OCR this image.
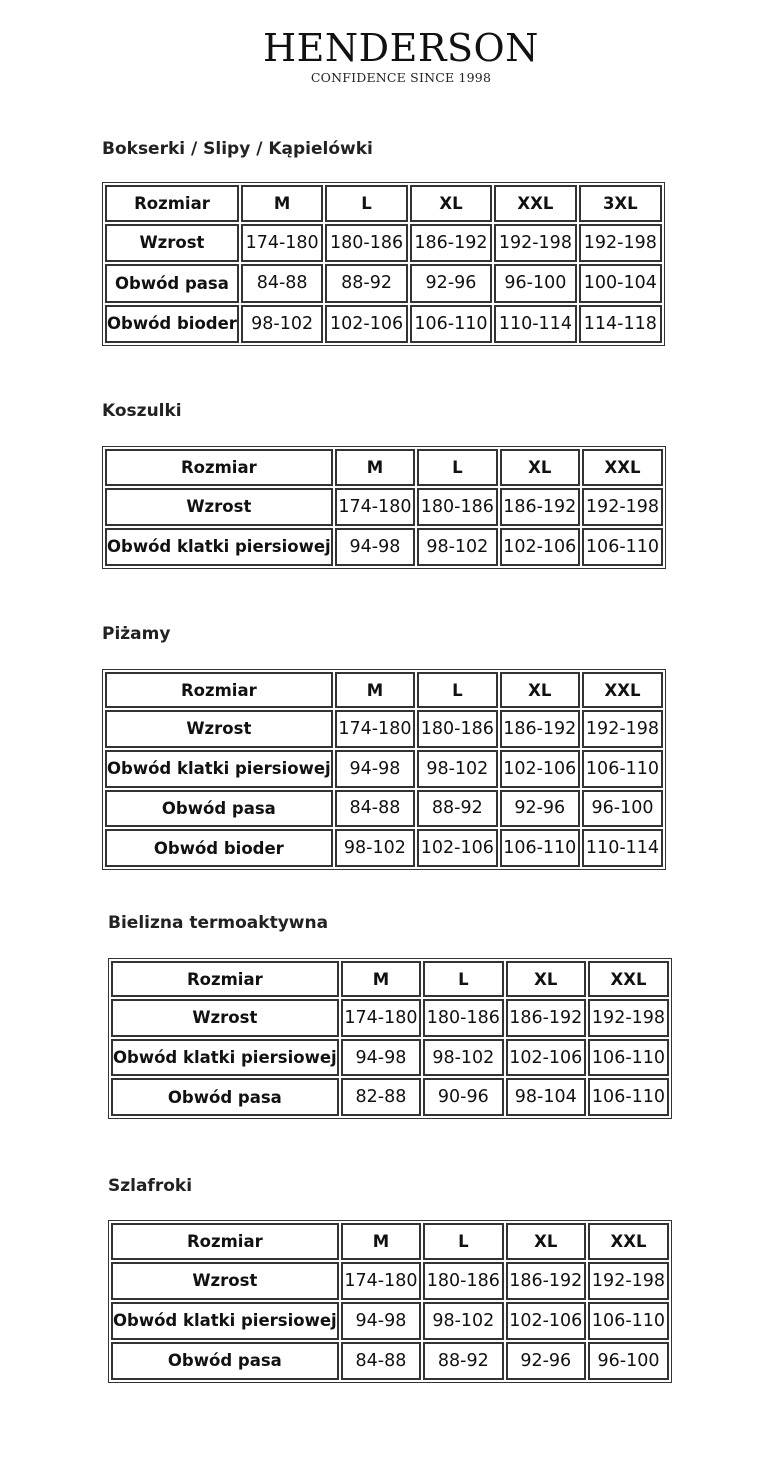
HENDERSON
CONFIDENCE SINCE 1998
Bokserki / Slipy / Kąpielówki
Rozmiar	M	L	XL	XXL	3XL
Wzrost	174-180	180-186	186-192	192-198	192-198
Obwód pasa	84-88	88-92	92-96	96-100	100-104
Obwód bioder	98-102	102-106	106-110	110-114	114-118
Koszulki
Rozmiar	M	L	XL	XXL
Wzrost	174-180	180-186	186-192	192-198
Obwód klatki piersiowej	94-98	98-102	102-106	106-110
Piżamy
Rozmiar	M	L	XL	XXL
Wzrost	174-180	180-186	186-192	192-198
Obwód klatki piersiowej	94-98	98-102	102-106	106-110
Obwód pasa	84-88	88-92	92-96	96-100
Obwód bioder	98-102	102-106	106-110	110-114
Bielizna termoaktywna
Rozmiar	M	L	XL	XXL
Wzrost	174-180	180-186	186-192	192-198
Obwód klatki piersiowej	94-98	98-102	102-106	106-110
Obwód pasa	82-88	90-96	98-104	106-110
Szlafroki
Rozmiar	M	L	XL	XXL
Wzrost	174-180	180-186	186-192	192-198
Obwód klatki piersiowej	94-98	98-102	102-106	106-110
Obwód pasa	84-88	88-92	92-96	96-100
